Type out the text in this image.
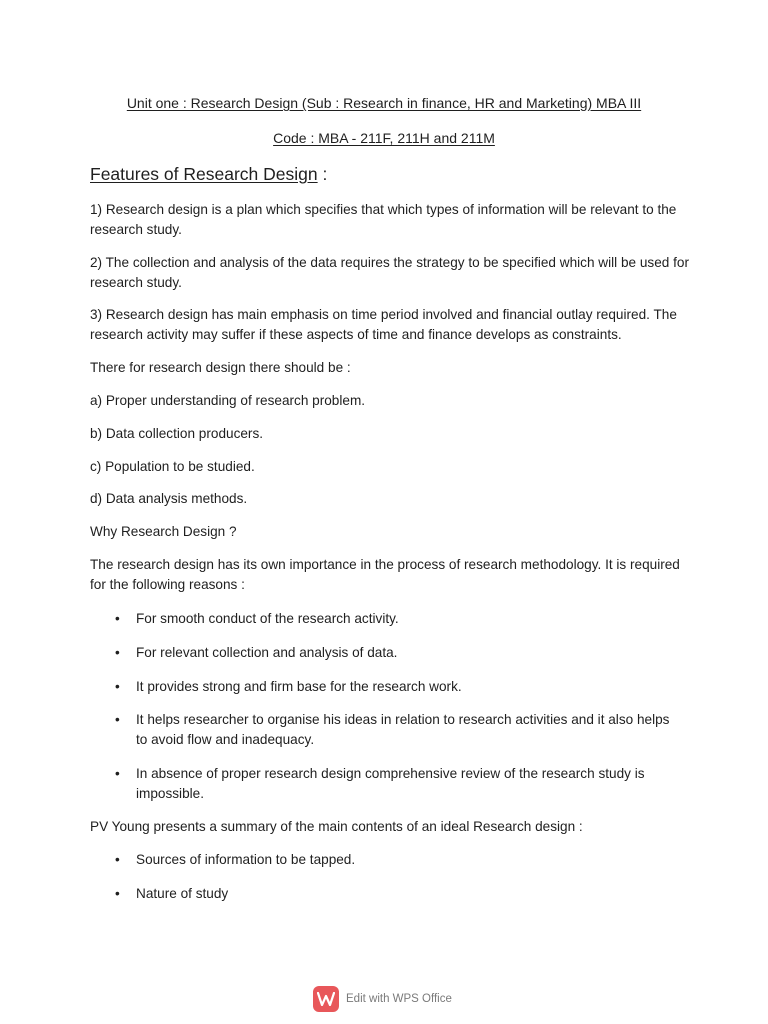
Unit one : Research Design (Sub : Research in finance, HR and Marketing) MBA III
Code : MBA - 211F, 211H and 211M
Features of Research Design :
1) Research design is a plan which specifies that which types of information will be relevant to the research study.
2) The collection and analysis of the data requires the strategy to be specified which will be used for research study.
3) Research design has main emphasis on time period involved and financial outlay required. The research activity may suffer if these aspects of time and finance develops as constraints.
There for research design there should be :
a) Proper understanding of research problem.
b) Data collection producers.
c) Population to be studied.
d) Data analysis methods.
Why Research Design ?
The research design has its own importance in the process of research methodology. It is required for the following reasons :
• For smooth conduct of the research activity.
• For relevant collection and analysis of data.
• It provides strong and firm base for the research work.
• It helps researcher to organise his ideas in relation to research activities and it also helps to avoid flow and inadequacy.
• In absence of proper research design comprehensive review of the research study is impossible.
PV Young presents a summary of the main contents of an ideal Research design :
• Sources of information to be tapped.
• Nature of study
Edit with WPS Office
